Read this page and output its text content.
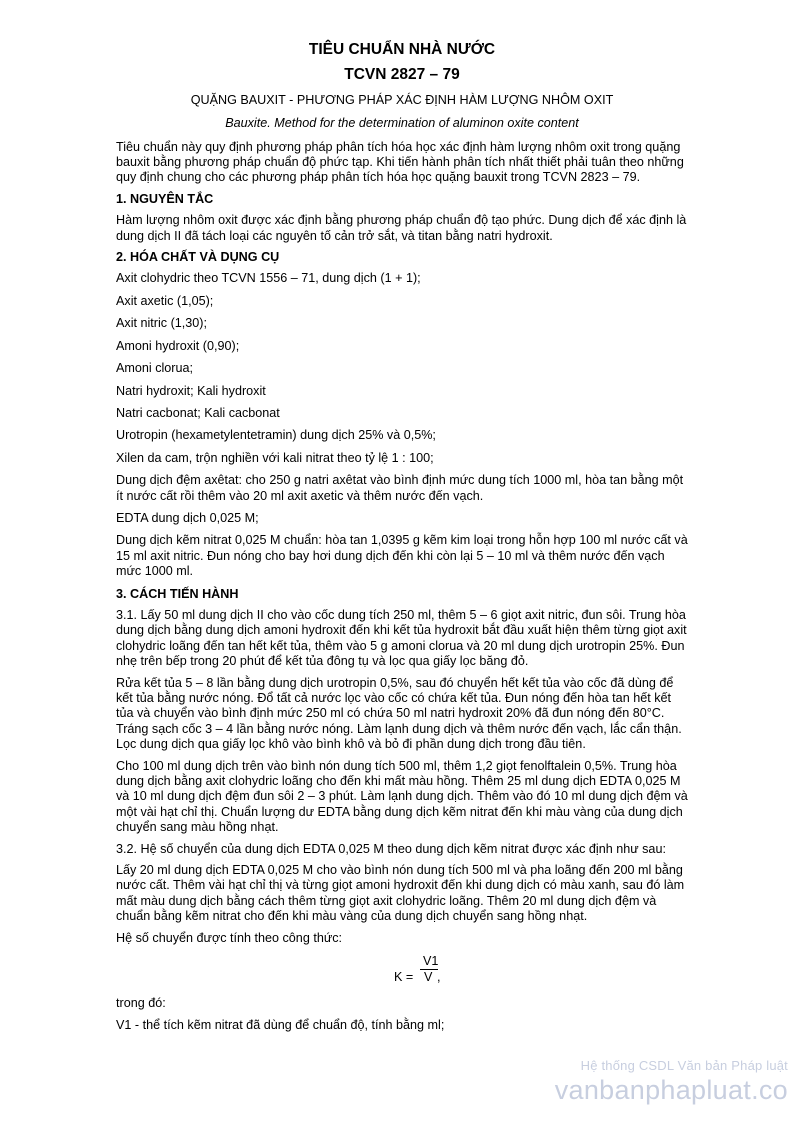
TIÊU CHUẨN NHÀ NƯỚC
TCVN 2827 – 79
QUẶNG BAUXIT - PHƯƠNG PHÁP XÁC ĐỊNH HÀM LƯỢNG NHÔM OXIT
Bauxite. Method for the determination of aluminon oxite content

Tiêu chuẩn này quy định phương pháp phân tích hóa học xác định hàm lượng nhôm oxit trong quặng bauxit bằng phương pháp chuẩn độ phức tạp. Khi tiến hành phân tích nhất thiết phải tuân theo những quy định chung cho các phương pháp phân tích hóa học quặng bauxit trong TCVN 2823 – 79.

1. NGUYÊN TẮC

Hàm lượng nhôm oxit được xác định bằng phương pháp chuẩn độ tạo phức. Dung dịch để xác định là dung dịch II đã tách loại các nguyên tố cản trở sắt, và titan bằng natri hydroxit.

2. HÓA CHẤT VÀ DỤNG CỤ
Axit clohydric theo TCVN 1556 – 71, dung dịch (1 + 1);
Axit axetic (1,05);
Axit nitric (1,30);
Amoni hydroxit (0,90);
Amoni clorua;
Natri hydroxit; Kali hydroxit
Natri cacbonat; Kali cacbonat
Urotropin (hexametylentetramin) dung dịch 25% và 0,5%;
Xilen da cam, trộn nghiền với kali nitrat theo tỷ lệ 1 : 100;
Dung dịch đệm axêtat: cho 250 g natri axêtat vào bình định mức dung tích 1000 ml, hòa tan bằng một ít nước cất rồi thêm vào 20 ml axit axetic và thêm nước đến vạch.
EDTA dung dịch 0,025 M;
Dung dịch kẽm nitrat 0,025 M chuẩn: hòa tan 1,0395 g kẽm kim loại trong hỗn hợp 100 ml nước cất và 15 ml axit nitric. Đun nóng cho bay hơi dung dịch đến khi còn lại 5 – 10 ml và thêm nước đến vạch mức 1000 ml.
3. CÁCH TIẾN HÀNH

3.1. Lấy 50 ml dung dịch II cho vào cốc dung tích 250 ml, thêm 5 – 6 giọt axit nitric, đun sôi. Trung hòa dung dịch bằng dung dịch amoni hydroxit đến khi kết tủa hydroxit bắt đầu xuất hiện thêm từng giọt axit clohydric loãng đến tan hết kết tủa, thêm vào 5 g amoni clorua và 20 ml dung dịch urotropin 25%. Đun nhẹ trên bếp trong 20 phút để kết tủa đông tụ và lọc qua giấy lọc băng đỏ.

Rửa kết tủa 5 – 8 lần bằng dung dịch urotropin 0,5%, sau đó chuyển hết kết tủa vào cốc đã dùng để kết tủa bằng nước nóng. Đổ tất cả nước lọc vào cốc có chứa kết tủa. Đun nóng đến hòa tan hết kết tủa và chuyển vào bình định mức 250 ml có chứa 50 ml natri hydroxit 20% đã đun nóng đến 80°C. Tráng sạch cốc 3 – 4 lần bằng nước nóng. Làm lạnh dung dịch và thêm nước đến vạch, lắc cẩn thận. Lọc dung dịch qua giấy lọc khô vào bình khô và bỏ đi phần dung dịch trong đầu tiên.

Cho 100 ml dung dịch trên vào bình nón dung tích 500 ml, thêm 1,2 giọt fenolftalein 0,5%. Trung hòa dung dịch bằng axit clohydric loãng cho đến khi mất màu hồng. Thêm 25 ml dung dịch EDTA 0,025 M và 10 ml dung dịch đệm đun sôi 2 – 3 phút. Làm lạnh dung dịch. Thêm vào đó 10 ml dung dịch đệm và một vài hạt chỉ thị. Chuẩn lượng dư EDTA bằng dung dịch kẽm nitrat đến khi màu vàng của dung dịch chuyển sang màu hồng nhạt.

3.2. Hệ số chuyển của dung dịch EDTA 0,025 M theo dung dịch kẽm nitrat được xác định như sau:

Lấy 20 ml dung dịch EDTA 0,025 M cho vào bình nón dung tích 500 ml và pha loãng đến 200 ml bằng nước cất. Thêm vài hạt chỉ thị và từng giọt amoni hydroxit đến khi dung dịch có màu xanh, sau đó làm mất màu dung dịch bằng cách thêm từng giọt axit clohydric loãng. Thêm 20 ml dung dịch đệm và chuẩn bằng kẽm nitrat cho đến khi màu vàng của dung dịch chuyển sang hồng nhạt.

Hệ số chuyển được tính theo công thức:

K =
V1
V ,

trong đó:

V1 - thể tích kẽm nitrat đã dùng để chuẩn độ, tính bằng ml;

Hệ thống CSDL Văn bản Pháp luật
vanbanphapluat.co
